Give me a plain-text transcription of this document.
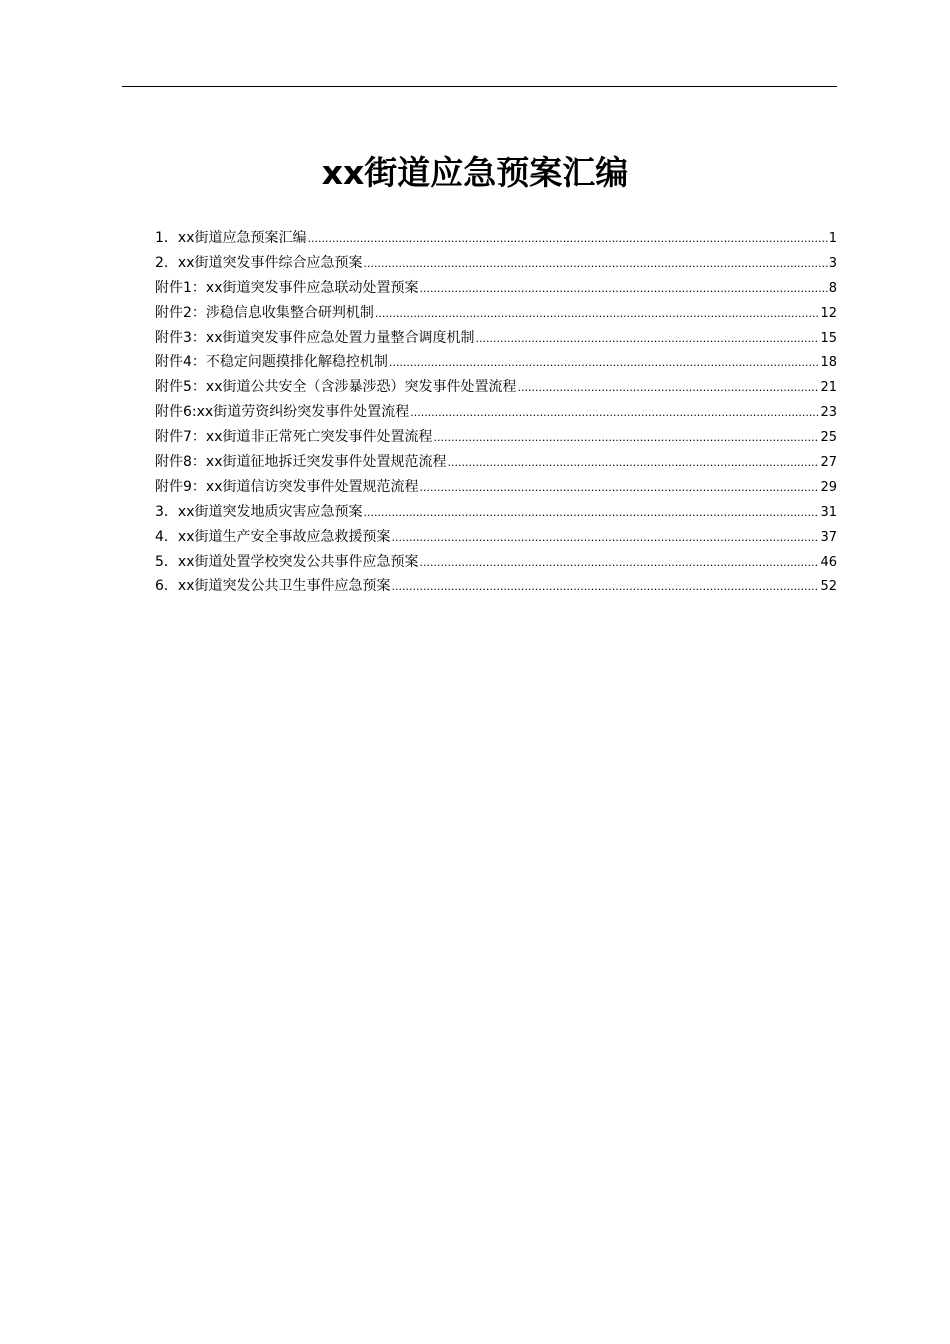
xx街道应急预案汇编
1．xx街道应急预案汇编 .....	1
2．xx街道突发事件综合应急预案 .....	3
附件1：xx街道突发事件应急联动处置预案 .....	8
附件2：涉稳信息收集整合研判机制 .....	12
附件3：xx街道突发事件应急处置力量整合调度机制 .....	15
附件4：不稳定问题摸排化解稳控机制 .....	18
附件5：xx街道公共安全（含涉暴涉恐）突发事件处置流程 .....	21
附件6:xx街道劳资纠纷突发事件处置流程 .....	23
附件7：xx街道非正常死亡突发事件处置流程 .....	25
附件8：xx街道征地拆迁突发事件处置规范流程 .....	27
附件9：xx街道信访突发事件处置规范流程 .....	29
3．xx街道突发地质灾害应急预案 .....	31
4．xx街道生产安全事故应急救援预案 .....	37
5．xx街道处置学校突发公共事件应急预案 .....	46
6．xx街道突发公共卫生事件应急预案 .....	52
